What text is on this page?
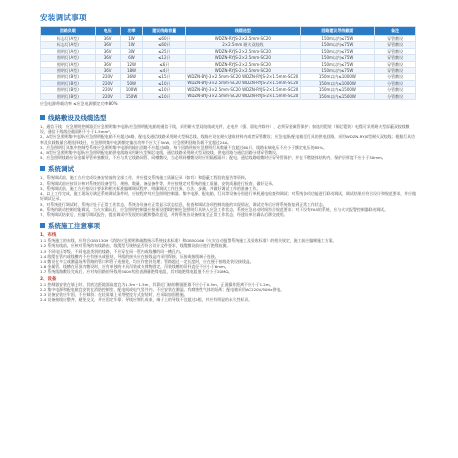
安装调试事项
回路负载	电压	功率	建议线路容量	线缆选型	回路建议导线截面	备注
标志灯(A型)	36V	1W	≤60只	WDZN-RYJS-2×2.5mm-SC20	150m以内≤75W	穿管敷设
标志灯(A型)	36V	1W	≤60只	2×2.5mm 耐火双绞线	150m以内≤75W	穿管敷设
照明灯(A型)	36V	3W	≤25只	WDZN-RYJS-2×2.5mm-SC20	150m以内≤75W	穿管敷设
照明灯(A型)	36V	6W	≤12只	WDZN-RYJS-2×2.5mm-SC20	150m以内≤75W	穿管敷设
照明灯(A型)	36V	12W	≤6只	WDZN-RYJS-2×2.5mm-SC20	150m以内≤75W	穿管敷设
照明灯(A型)	36V	18W	≤4只	WDZN-RYJS-2×2.5mm-SC20	150m以内≤75W	穿管敷设
照明灯(B型)	220V	36W	≤15只	WDZN-BYJ-3×2.5mm-SC20 WDZN-RYJS-2×1.5mm-SC20	150m以内≤1000W	分管敷设
照明灯(B型)	220V	50W	≤10只	WDZN-BYJ-3×2.5mm-SC20 WDZN-RYJS-2×1.5mm-SC20	150m以内≤1000W	分管敷设
照明灯(B型)	220V	100W	≤10只	WDZN-BYJ-3×2.5mm-SC20 WDZN-RYJS-2×1.5mm-SC20	150m以内≤1500W	分管敷设
照明灯(B型)	220V	150W	≤10只	WDZN-BYJ-3×2.5mm-SC20 WDZN-RYJS-2×1.5mm-SC20	150m以内≤1500W	分管敷设
应急电源带载功率 ≤应急电源额定功率80%
线路敷设及线缆选型

1、通信干线：应急照明控制器至应急照明集中电源/应急照明配电箱的通信干线，采用耐火型双绞线或光纤，走电井（强、弱电井除外），必须穿金属管保护；如选用铠装（铜芯铠装）电缆可采用耐火型屏蔽双绞线敷设，通信干线线径截面积不小于1.5mm²。

2、A型应急照明集中电源/应急照明配电箱不应超过8路，配电及通信线路采用耐火型铜芯线，线路应设在耐火建筑材料内或者穿管敷设；应急电源/配电箱至灯具的供电回路，采用WDZN-RYJS型耐火双绞线；根据灯具功率及负载数量合理选择线径，应急照明集中电源额定输出功率不应大于5kW，应急照明回路负载不宜超过24A。

3、应急照明灯具集中控制型系统应急照明集中电源的输出回路不应超过8路，每个回路所接应急照明灯具数量不宜超过60只，线路末端电压不应小于额定电压的85%。

4、B型应急照明集中电源/应急照明配电箱供电线路采用耐火型铜芯电线，通信线路采用耐火型双绞线，供电回路与通信回路分别穿管敷设。

5、应急照明线路应穿金属导管单独敷设，不应与其它线路同管、同槽敷设，当必须同槽敷设时应用隔板隔开；配电、通信线路暗敷时应穿导管保护，并在不燃烧体结构内，保护层厚度不应小于30mm。

系统调试

1、系统调试前，施工方应完成设备安装前的全部工作，并应提交系统施工质量记录（如有）和隐蔽工程验收报告等资料。

2、系统调试前应按设计核对系统的设备型号、规格、数量、备品备件等，并应按规定对系统的施工质量、安装质量进行检查，做好记录。

3、系统调试前，施工方应按设计要求和相关标准编制调试程序，明确调试工作任务、方法、步骤，并做好调试工作的准备工作。

4、以上工作完成，施工现场方满足系统调试条件时，应按程序对应急照明控制器、集中电源、配电箱、灯具等设备分别进行单机通电检查和调试；对系统各项功能进行联动调试，调试结果应符合设计和规范要求，并应做好调试记录。

5、对系统进行调试时，系统应处于正常工作状态，系统各设备应正常显示状态信息，检查和调试各项控制功能的实现情况，调试完毕后应将系统恢复到正常工作状态。

6、系统的联动控制功能调试，当火灾确认后，应急照明控制器应按预设逻辑控制应急照明灯具转入应急工作状态，系统应急启动时间符合规范要求；对于设有FAS的系统，应与火灾报警控制器联动调试。

7、系统调试结束后，应编写调试报告，提出调试中发现的问题和整改意见，并将系统各设备恢复至正常工作状态，经建设单位确认后移交使用。

系统施工注意事项
1、布线

1.1 系统施工的布线，应符合GB51309《消防应急照明和疏散指示系统技术标准》和GB50166《火灾自动报警系统施工及验收标准》的相关规定，施工前应编制施工方案。

1.2 系统布线前，应核对系统的布线路由、线缆型号规格是否符合设计文件要求，线缆敷设前应进行绝缘检测。

1.3 不同电压等级、不同电流类别的线路，不应穿在同一管内或线槽的同一槽孔内。

1.4 线缆在管内或线槽内不应有接头或扭结，导线的接头应在接线盒内采用焊接、压接或接线端子连接。

1.5 敷设在多尘或潮湿场所管路的管口和管子连接处，均应作密封处理；管路超过一定长度时，应在便于接线处装设接线盒。

1.6 金属管、线槽在吊顶内敷设时，应有单独的卡具吊装或支撑物固定，吊装线槽的吊杆直径不应小于6mm。

1.7 系统线路敷设完成后，应对每回路的导线用500V兆欧表测量绝缘电阻，其对地绝缘电阻值不应小于20MΩ。

2、设备

2.1 控制器安装在墙上时，其底边距地面高度宜为1.3m~1.5m，其靠近门轴的侧面距墙不应小于0.5m，正面操作距离不应小于1.2m。

2.2 集中电源和配电箱宜安装在消防控制室、配电间或电气竖井内，不应安装在潮湿、有腐蚀性气体的场所；配电箱采用AC220V/50Hz供电。

2.3 设备安装应牢固，不应倾斜；在轻质墙上采用壁挂方式安装时，应采取加固措施。

2.4 设备接线应整齐，避免交叉，并应固定牢靠；导线应绑扎成束，端子上的导线不宜超过2根，并应有明显的永久性标识。
